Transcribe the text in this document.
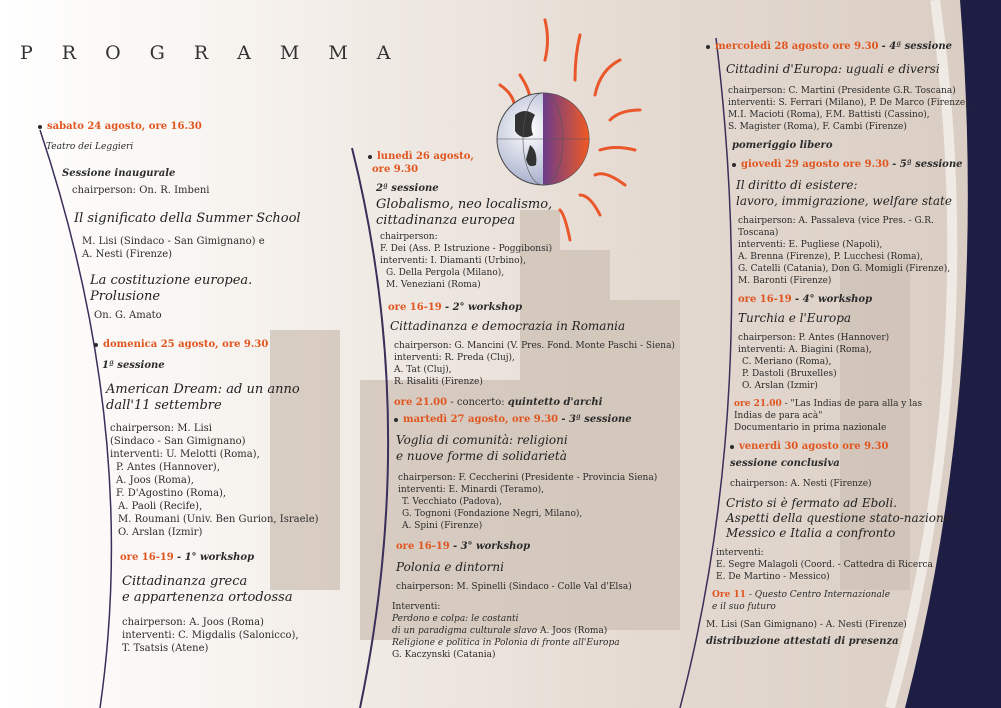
PROGRAMMA
sabato 24 agosto, ore 16.30
Teatro dei Leggieri
Sessione inaugurale
chairperson: On. R. Imbeni
Il significato della Summer School
M. Lisi (Sindaco - San Gimignano) e
A. Nesti (Firenze)
La costituzione europea.
Prolusione
On. G. Amato
domenica 25 agosto, ore 9.30
1ª sessione
American Dream: ad un anno
dall'11 settembre
chairperson: M. Lisi
(Sindaco - San Gimignano)
interventi: U. Melotti (Roma),
P. Antes (Hannover),
A. Joos (Roma),
F. D'Agostino (Roma),
A. Paoli (Recife),
M. Roumani (Univ. Ben Gurion, Israele)
O. Arslan (Izmir)
ore 16-19 - 1° workshop
Cittadinanza greca
e appartenenza ortodossa
chairperson: A. Joos (Roma)
interventi: C. Migdalis (Salonicco),
T. Tsatsis (Atene)
lunedì 26 agosto,
ore 9.30
2ª sessione
Globalismo, neo localismo,
cittadinanza europea
chairperson:
F. Dei (Ass. P. Istruzione - Poggibonsi)
interventi: I. Diamanti (Urbino),
G. Della Pergola (Milano),
M. Veneziani (Roma)
ore 16-19 - 2° workshop
Cittadinanza e democrazia in Romania
chairperson: G. Mancini (V. Pres. Fond. Monte Paschi - Siena)
interventi: R. Preda (Cluj),
A. Tat (Cluj),
R. Risaliti (Firenze)
ore 21.00 - concerto: quintetto d'archi
martedì 27 agosto, ore 9.30 - 3ª sessione
Voglia di comunità: religioni
e nuove forme di solidarietà
chairperson: F. Ceccherini (Presidente - Provincia Siena)
interventi: E. Minardi (Teramo),
T. Vecchiato (Padova),
G. Tognoni (Fondazione Negri, Milano),
A. Spini (Firenze)
ore 16-19 - 3° workshop
Polonia e dintorni
chairperson: M. Spinelli (Sindaco - Colle Val d'Elsa)
Interventi:
Perdono e colpa: le costanti
di un paradigma culturale slavo A. Joos (Roma)
Religione e politica in Polonia di fronte all'Europa
G. Kaczynski (Catania)
mercoledì 28 agosto ore 9.30 - 4ª sessione
Cittadini d'Europa: uguali e diversi
chairperson: C. Martini (Presidente G.R. Toscana)
interventi: S. Ferrari (Milano), P. De Marco (Firenze),
M.I. Macioti (Roma), F.M. Battisti (Cassino),
S. Magister (Roma), F. Cambi (Firenze)
pomeriggio libero
giovedì 29 agosto ore 9.30 - 5ª sessione
Il diritto di esistere:
lavoro, immigrazione, welfare state
chairperson: A. Passaleva (vice Pres. - G.R. Toscana)
interventi: E. Pugliese (Napoli),
A. Brenna (Firenze), P. Lucchesi (Roma),
G. Catelli (Catania), Don G. Momigli (Firenze),
M. Baronti (Firenze)
ore 16-19 - 4° workshop
Turchia e l'Europa
chairperson: P. Antes (Hannover)
interventi: A. Biagini (Roma),
C. Meriano (Roma),
P. Dastoli (Bruxelles)
O. Arslan (Izmir)
ore 21.00 - "Las Indias de para alla y las
Indias de para acà"
Documentario in prima nazionale
venerdì 30 agosto ore 9.30
sessione conclusiva
chairperson: A. Nesti (Firenze)
Cristo si è fermato ad Eboli.
Aspetti della questione stato-nazione:
Messico e Italia a confronto
interventi:
E. Segre Malagoli (Coord. - Cattedra di Ricerca
E. De Martino - Messico)
Ore 11 - Questo Centro Internazionale
e il suo futuro
M. Lisi (San Gimignano) - A. Nesti (Firenze)
distribuzione attestati di presenza
